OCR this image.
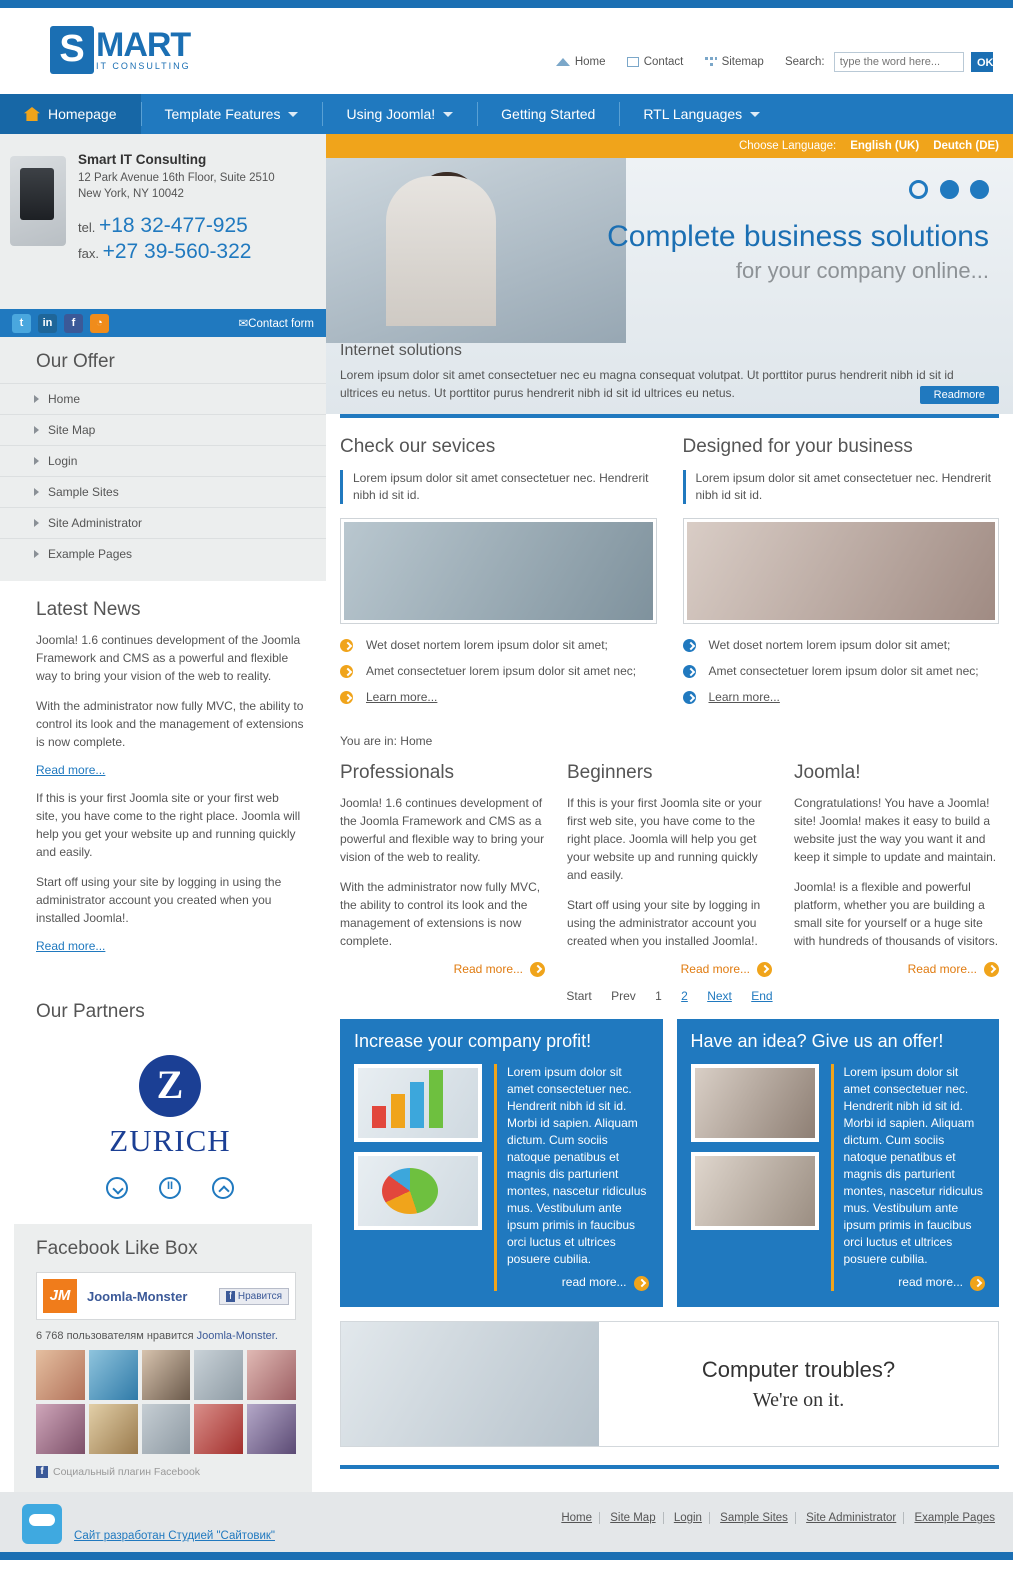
S MART
IT CONSULTING	Home	Contact	Sitemap Search: type the word here...	OK
Homepage	Template Features	Using Joomla!	Getting Started	RTL Languages
Smart IT Consulting
12 Park Avenue 16th Floor, Suite 2510
New York, NY 10042
tel. +18 32-477-925
fax. +27 39-560-322
t	in	f	◔	✉Contact form
Our Offer
Home
Site Map
Login
Sample Sites
Site Administrator
Example Pages
Latest News

Joomla! 1.6 continues development of the Joomla Framework and CMS as a powerful and flexible way to bring your vision of the web to reality.

With the administrator now fully MVC, the ability to control its look and the management of extensions is now complete.

Read more...

If this is your first Joomla site or your first web site, you have come to the right place. Joomla will help you get your website up and running quickly and easily.

Start off using your site by logging in using the administrator account you created when you installed Joomla!.

Read more...
Our Partners
Z
ZURICH
II
Facebook Like Box
JM	Joomla-Monster	f Нравится
6 768 пользователям нравится Joomla-Monster.
f Социальный плагин Facebook
Choose Language: English (UK) Deutch (DE)

Complete business solutions
for your company online...
Internet solutions
Lorem ipsum dolor sit amet consectetuer nec eu magna consequat volutpat. Ut porttitor purus hendrerit nibh id sit id ultrices eu netus. Ut porttitor purus hendrerit nibh id sit id ultrices eu netus.	Readmore
Check our sevices
Lorem ipsum dolor sit amet consectetuer nec. Hendrerit nibh id sit id.
Wet doset nortem lorem ipsum dolor sit amet;
Amet consectetuer lorem ipsum dolor sit amet nec;
Learn more...
Designed for your business
Lorem ipsum dolor sit amet consectetuer nec. Hendrerit nibh id sit id.
Wet doset nortem lorem ipsum dolor sit amet;
Amet consectetuer lorem ipsum dolor sit amet nec;
Learn more...
You are in: Home
Professionals

Joomla! 1.6 continues development of the Joomla Framework and CMS as a powerful and flexible way to bring your vision of the web to reality.

With the administrator now fully MVC, the ability to control its look and the management of extensions is now complete.

Read more...
Beginners

If this is your first Joomla site or your first web site, you have come to the right place. Joomla will help you get your website up and running quickly and easily.

Start off using your site by logging in using the administrator account you created when you installed Joomla!.

Read more...
Joomla!

Congratulations! You have a Joomla! site! Joomla! makes it easy to build a website just the way you want it and keep it simple to update and maintain.

Joomla! is a flexible and powerful platform, whether you are building a small site for yourself or a huge site with hundreds of thousands of visitors.

Read more...
Start Prev 1 2 Next End
Increase your company profit!
Lorem ipsum dolor sit amet consectetuer nec. Hendrerit nibh id sit id. Morbi id sapien. Aliquam dictum. Cum sociis natoque penatibus et magnis dis parturient montes, nascetur ridiculus mus. Vestibulum ante ipsum primis in faucibus orci luctus et ultrices posuere cubilia.
read more...
Have an idea? Give us an offer!
Lorem ipsum dolor sit amet consectetuer nec. Hendrerit nibh id sit id. Morbi id sapien. Aliquam dictum. Cum sociis natoque penatibus et magnis dis parturient montes, nascetur ridiculus mus. Vestibulum ante ipsum primis in faucibus orci luctus et ultrices posuere cubilia.
read more...
Computer troubles?
We're on it.
Сайт разработан Студией "Сайтовик"
Home Site Map Login Sample Sites Site Administrator Example Pages
